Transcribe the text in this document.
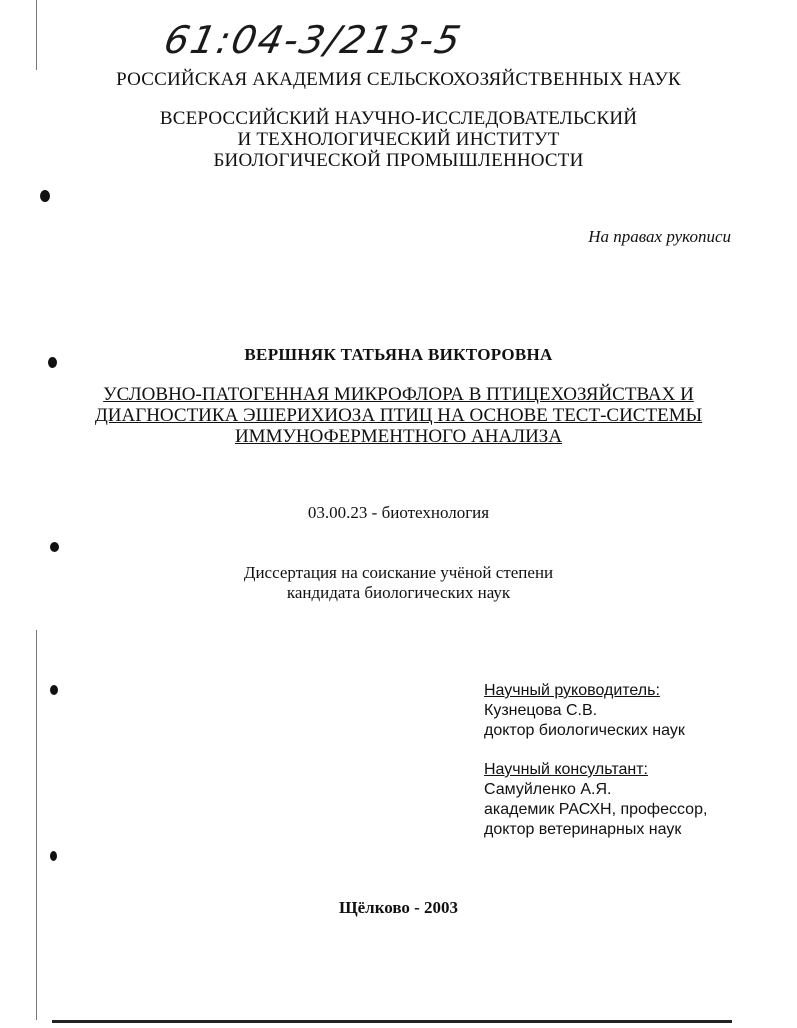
61:04-3/213-5
РОССИЙСКАЯ АКАДЕМИЯ СЕЛЬСКОХОЗЯЙСТВЕННЫХ НАУК
ВСЕРОССИЙСКИЙ НАУЧНО-ИССЛЕДОВАТЕЛЬСКИЙ
И ТЕХНОЛОГИЧЕСКИЙ ИНСТИТУТ
БИОЛОГИЧЕСКОЙ ПРОМЫШЛЕННОСТИ
На правах рукописи
ВЕРШНЯК ТАТЬЯНА ВИКТОРОВНА
УСЛОВНО-ПАТОГЕННАЯ МИКРОФЛОРА В ПТИЦЕХОЗЯЙСТВАХ И
ДИАГНОСТИКА ЭШЕРИХИОЗА ПТИЦ НА ОСНОВЕ ТЕСТ-СИСТЕМЫ
ИММУНОФЕРМЕНТНОГО АНАЛИЗА
03.00.23 - биотехнология
Диссертация на соискание учёной степени
кандидата биологических наук
Научный руководитель:
Кузнецова С.В.
доктор биологических наук
Научный консультант:
Самуйленко А.Я.
академик РАСХН, профессор,
доктор ветеринарных наук
Щёлково - 2003
